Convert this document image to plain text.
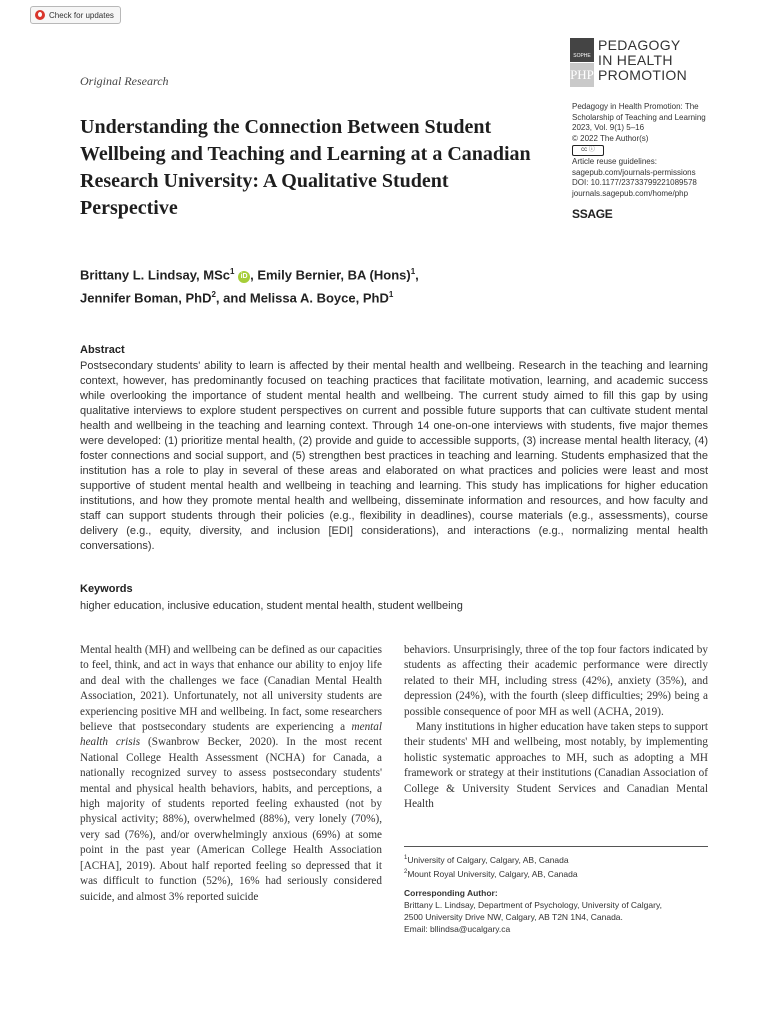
Check for updates
SOPHE
PHP
PEDAGOGY
IN HEALTH
PROMOTION
Original Research
Understanding the Connection Between Student Wellbeing and Teaching and Learning at a Canadian Research University: A Qualitative Student Perspective
Pedagogy in Health Promotion: The
Scholarship of Teaching and Learning
2023, Vol. 9(1) 5–16
© 2022 The Author(s)
cc ⓘ
Article reuse guidelines:
sagepub.com/journals-permissions
DOI: 10.1177/23733799221089578
journals.sagepub.com/home/php
SSAGE
Brittany L. Lindsay, MSc$^1$ iD , Emily Bernier, BA (Hons)$^1$,
Jennifer Boman, PhD$^2$, and Melissa A. Boyce, PhD$^1$
Abstract
Postsecondary students' ability to learn is affected by their mental health and wellbeing. Research in the teaching and learning context, however, has predominantly focused on teaching practices that facilitate motivation, learning, and academic success while overlooking the importance of student mental health and wellbeing. The current study aimed to fill this gap by using qualitative interviews to explore student perspectives on current and possible future supports that can cultivate student mental health and wellbeing in the teaching and learning context. Through 14 one-on-one interviews with students, five major themes were developed: (1) prioritize mental health, (2) provide and guide to accessible supports, (3) increase mental health literacy, (4) foster connections and social support, and (5) strengthen best practices in teaching and learning. Students emphasized that the institution has a role to play in several of these areas and elaborated on what practices and policies were least and most supportive of student mental health and wellbeing in teaching and learning. This study has implications for higher education institutions, and how they promote mental health and wellbeing, disseminate information and resources, and how faculty and staff can support students through their policies (e.g., flexibility in deadlines), course materials (e.g., assessments), course delivery (e.g., equity, diversity, and inclusion [EDI] considerations), and interactions (e.g., normalizing mental health conversations).
Keywords
higher education, inclusive education, student mental health, student wellbeing

Mental health (MH) and wellbeing can be defined as our capacities to feel, think, and act in ways that enhance our ability to enjoy life and deal with the challenges we face (Canadian Mental Health Association, 2021). Unfortunately, not all university students are experiencing positive MH and wellbeing. In fact, some researchers believe that postsecondary students are experiencing a mental health crisis (Swanbrow Becker, 2020). In the most recent National College Health Assessment (NCHA) for Canada, a nationally recognized survey to assess postsecondary students' mental and physical health behaviors, habits, and perceptions, a high majority of students reported feeling exhausted (not by physical activity; 88%), overwhelmed (88%), very lonely (70%), very sad (76%), and/or overwhelmingly anxious (69%) at some point in the past year (American College Health Association [ACHA], 2019). About half reported feeling so depressed that it was difficult to function (52%), 16% had seriously considered suicide, and almost 3% reported suicide

behaviors. Unsurprisingly, three of the top four factors indicated by students as affecting their academic performance were directly related to their MH, including stress (42%), anxiety (35%), and depression (24%), with the fourth (sleep difficulties; 29%) being a possible consequence of poor MH as well (ACHA, 2019).

Many institutions in higher education have taken steps to support their students' MH and wellbeing, most notably, by implementing holistic systematic approaches to MH, such as adopting a MH framework or strategy at their institutions (Canadian Association of College & University Student Services and Canadian Mental Health

$^1$University of Calgary, Calgary, AB, Canada
$^2$Mount Royal University, Calgary, AB, Canada
Corresponding Author:
Brittany L. Lindsay, Department of Psychology, University of Calgary,
2500 University Drive NW, Calgary, AB T2N 1N4, Canada.
Email: bllindsa@ucalgary.ca
